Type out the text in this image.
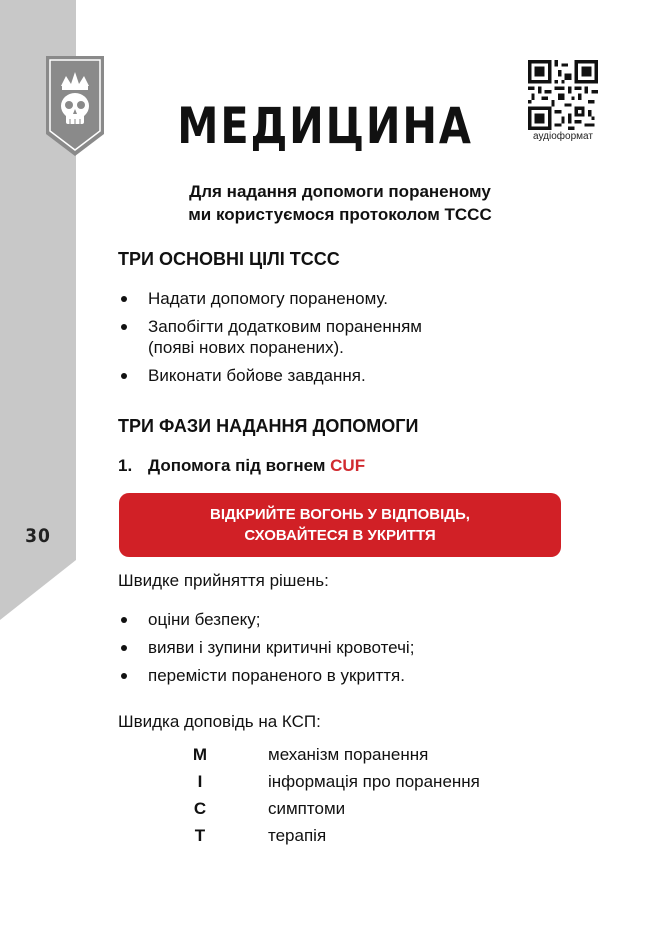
30
МЕДИЦИНА	аудіоформат
Для надання допомоги пораненому
ми користуємося протоколом TCCC
ТРИ ОСНОВНІ ЦІЛІ TCCC
Надати допомогу пораненому.
Запобігти додатковим пораненням
(появі нових поранених).
Виконати бойове завдання.
ТРИ ФАЗИ НАДАННЯ ДОПОМОГИ
1. Допомога під вогнем CUF
ВІДКРИЙТЕ ВОГОНЬ У ВІДПОВІДЬ,
СХОВАЙТЕСЯ В УКРИТТЯ
Швидке прийняття рішень:
оціни безпеку;
вияви і зупини критичні кровотечі;
перемісти пораненого в укриття.
Швидка доповідь на КСП:
M	механізм поранення
I	інформація про поранення
C	симптоми
T	терапія
